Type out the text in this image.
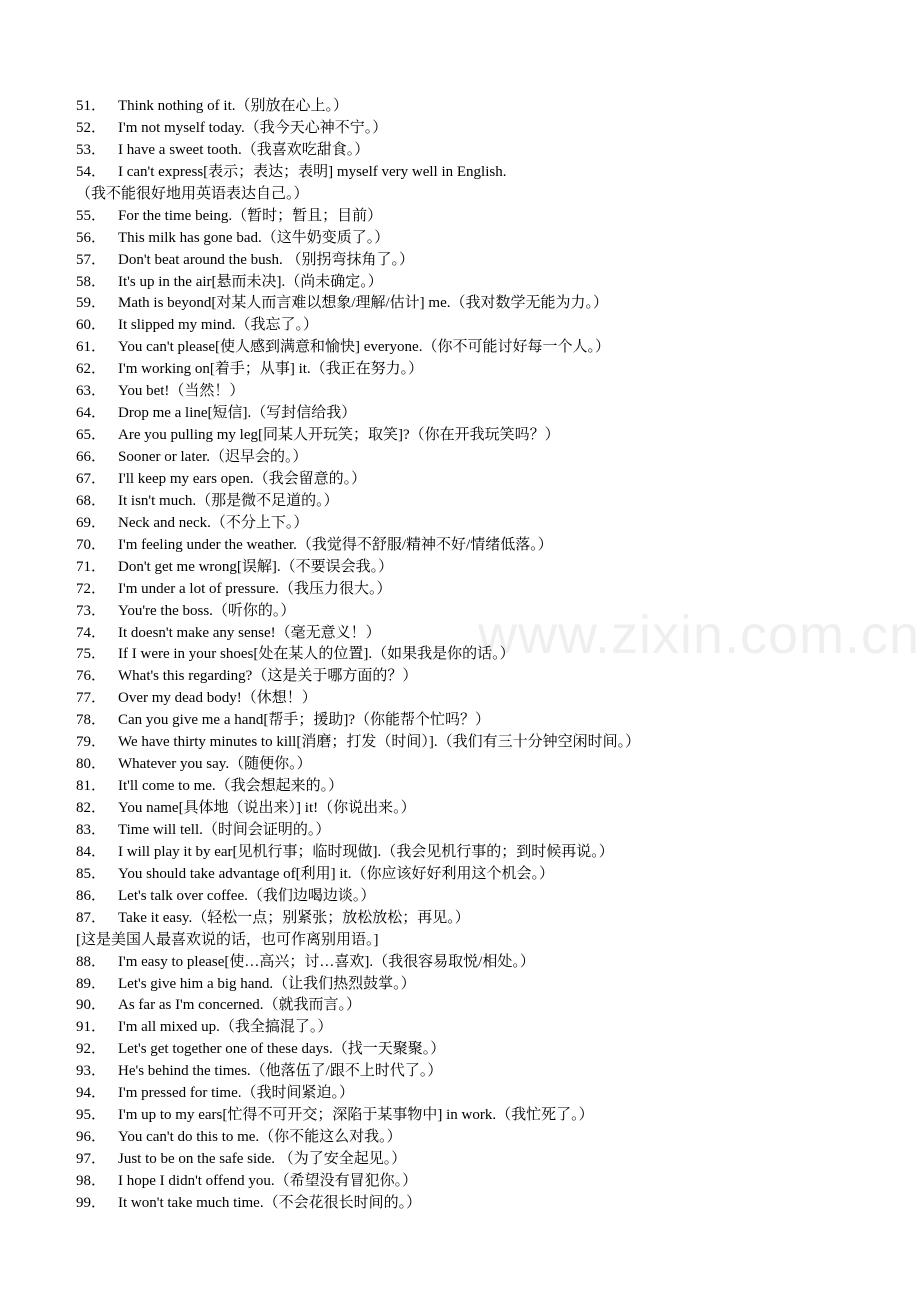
www.zixin.com.cn
51． Think nothing of it.（别放在心上。）
52． I'm not myself today.（我今天心神不宁。）
53． I have a sweet tooth.（我喜欢吃甜食。）
54． I can't express[表示；表达；表明] myself very well in English.
（我不能很好地用英语表达自己。）
55． For the time being.（暂时；暂且；目前）
56． This milk has gone bad.（这牛奶变质了。）
57． Don't beat around the bush. （别拐弯抹角了。）
58． It's up in the air[悬而未决].（尚未确定。）
59． Math is beyond[对某人而言难以想象/理解/估计] me.（我对数学无能为力。）
60． It slipped my mind.（我忘了。）
61． You can't please[使人感到满意和愉快] everyone.（你不可能讨好每一个人。）
62． I'm working on[着手；从事] it.（我正在努力。）
63． You bet!（当然！）
64． Drop me a line[短信].（写封信给我）
65． Are you pulling my leg[同某人开玩笑；取笑]?（你在开我玩笑吗？）
66． Sooner or later.（迟早会的。）
67． I'll keep my ears open.（我会留意的。）
68． It isn't much.（那是微不足道的。）
69． Neck and neck.（不分上下。）
70． I'm feeling under the weather.（我觉得不舒服/精神不好/情绪低落。）
71． Don't get me wrong[误解].（不要误会我。）
72． I'm under a lot of pressure.（我压力很大。）
73． You're the boss.（听你的。）
74． It doesn't make any sense!（毫无意义！）
75． If I were in your shoes[处在某人的位置].（如果我是你的话。）
76． What's this regarding?（这是关于哪方面的？）
77． Over my dead body!（休想！）
78． Can you give me a hand[帮手；援助]?（你能帮个忙吗？）
79． We have thirty minutes to kill[消磨；打发（时间）].（我们有三十分钟空闲时间。）
80． Whatever you say.（随便你。）
81． It'll come to me.（我会想起来的。）
82． You name[具体地（说出来）] it!（你说出来。）
83． Time will tell.（时间会证明的。）
84． I will play it by ear[见机行事；临时现做].（我会见机行事的；到时候再说。）
85． You should take advantage of[利用] it.（你应该好好利用这个机会。）
86． Let's talk over coffee.（我们边喝边谈。）
87． Take it easy.（轻松一点；别紧张；放松放松；再见。）
[这是美国人最喜欢说的话，也可作离别用语。]
88． I'm easy to please[使…高兴；讨…喜欢].（我很容易取悦/相处。）
89． Let's give him a big hand.（让我们热烈鼓掌。）
90． As far as I'm concerned.（就我而言。）
91． I'm all mixed up.（我全搞混了。）
92． Let's get together one of these days.（找一天聚聚。）
93． He's behind the times.（他落伍了/跟不上时代了。）
94． I'm pressed for time.（我时间紧迫。）
95． I'm up to my ears[忙得不可开交；深陷于某事物中] in work.（我忙死了。）
96． You can't do this to me.（你不能这么对我。）
97． Just to be on the safe side. （为了安全起见。）
98． I hope I didn't offend you.（希望没有冒犯你。）
99． It won't take much time.（不会花很长时间的。）
